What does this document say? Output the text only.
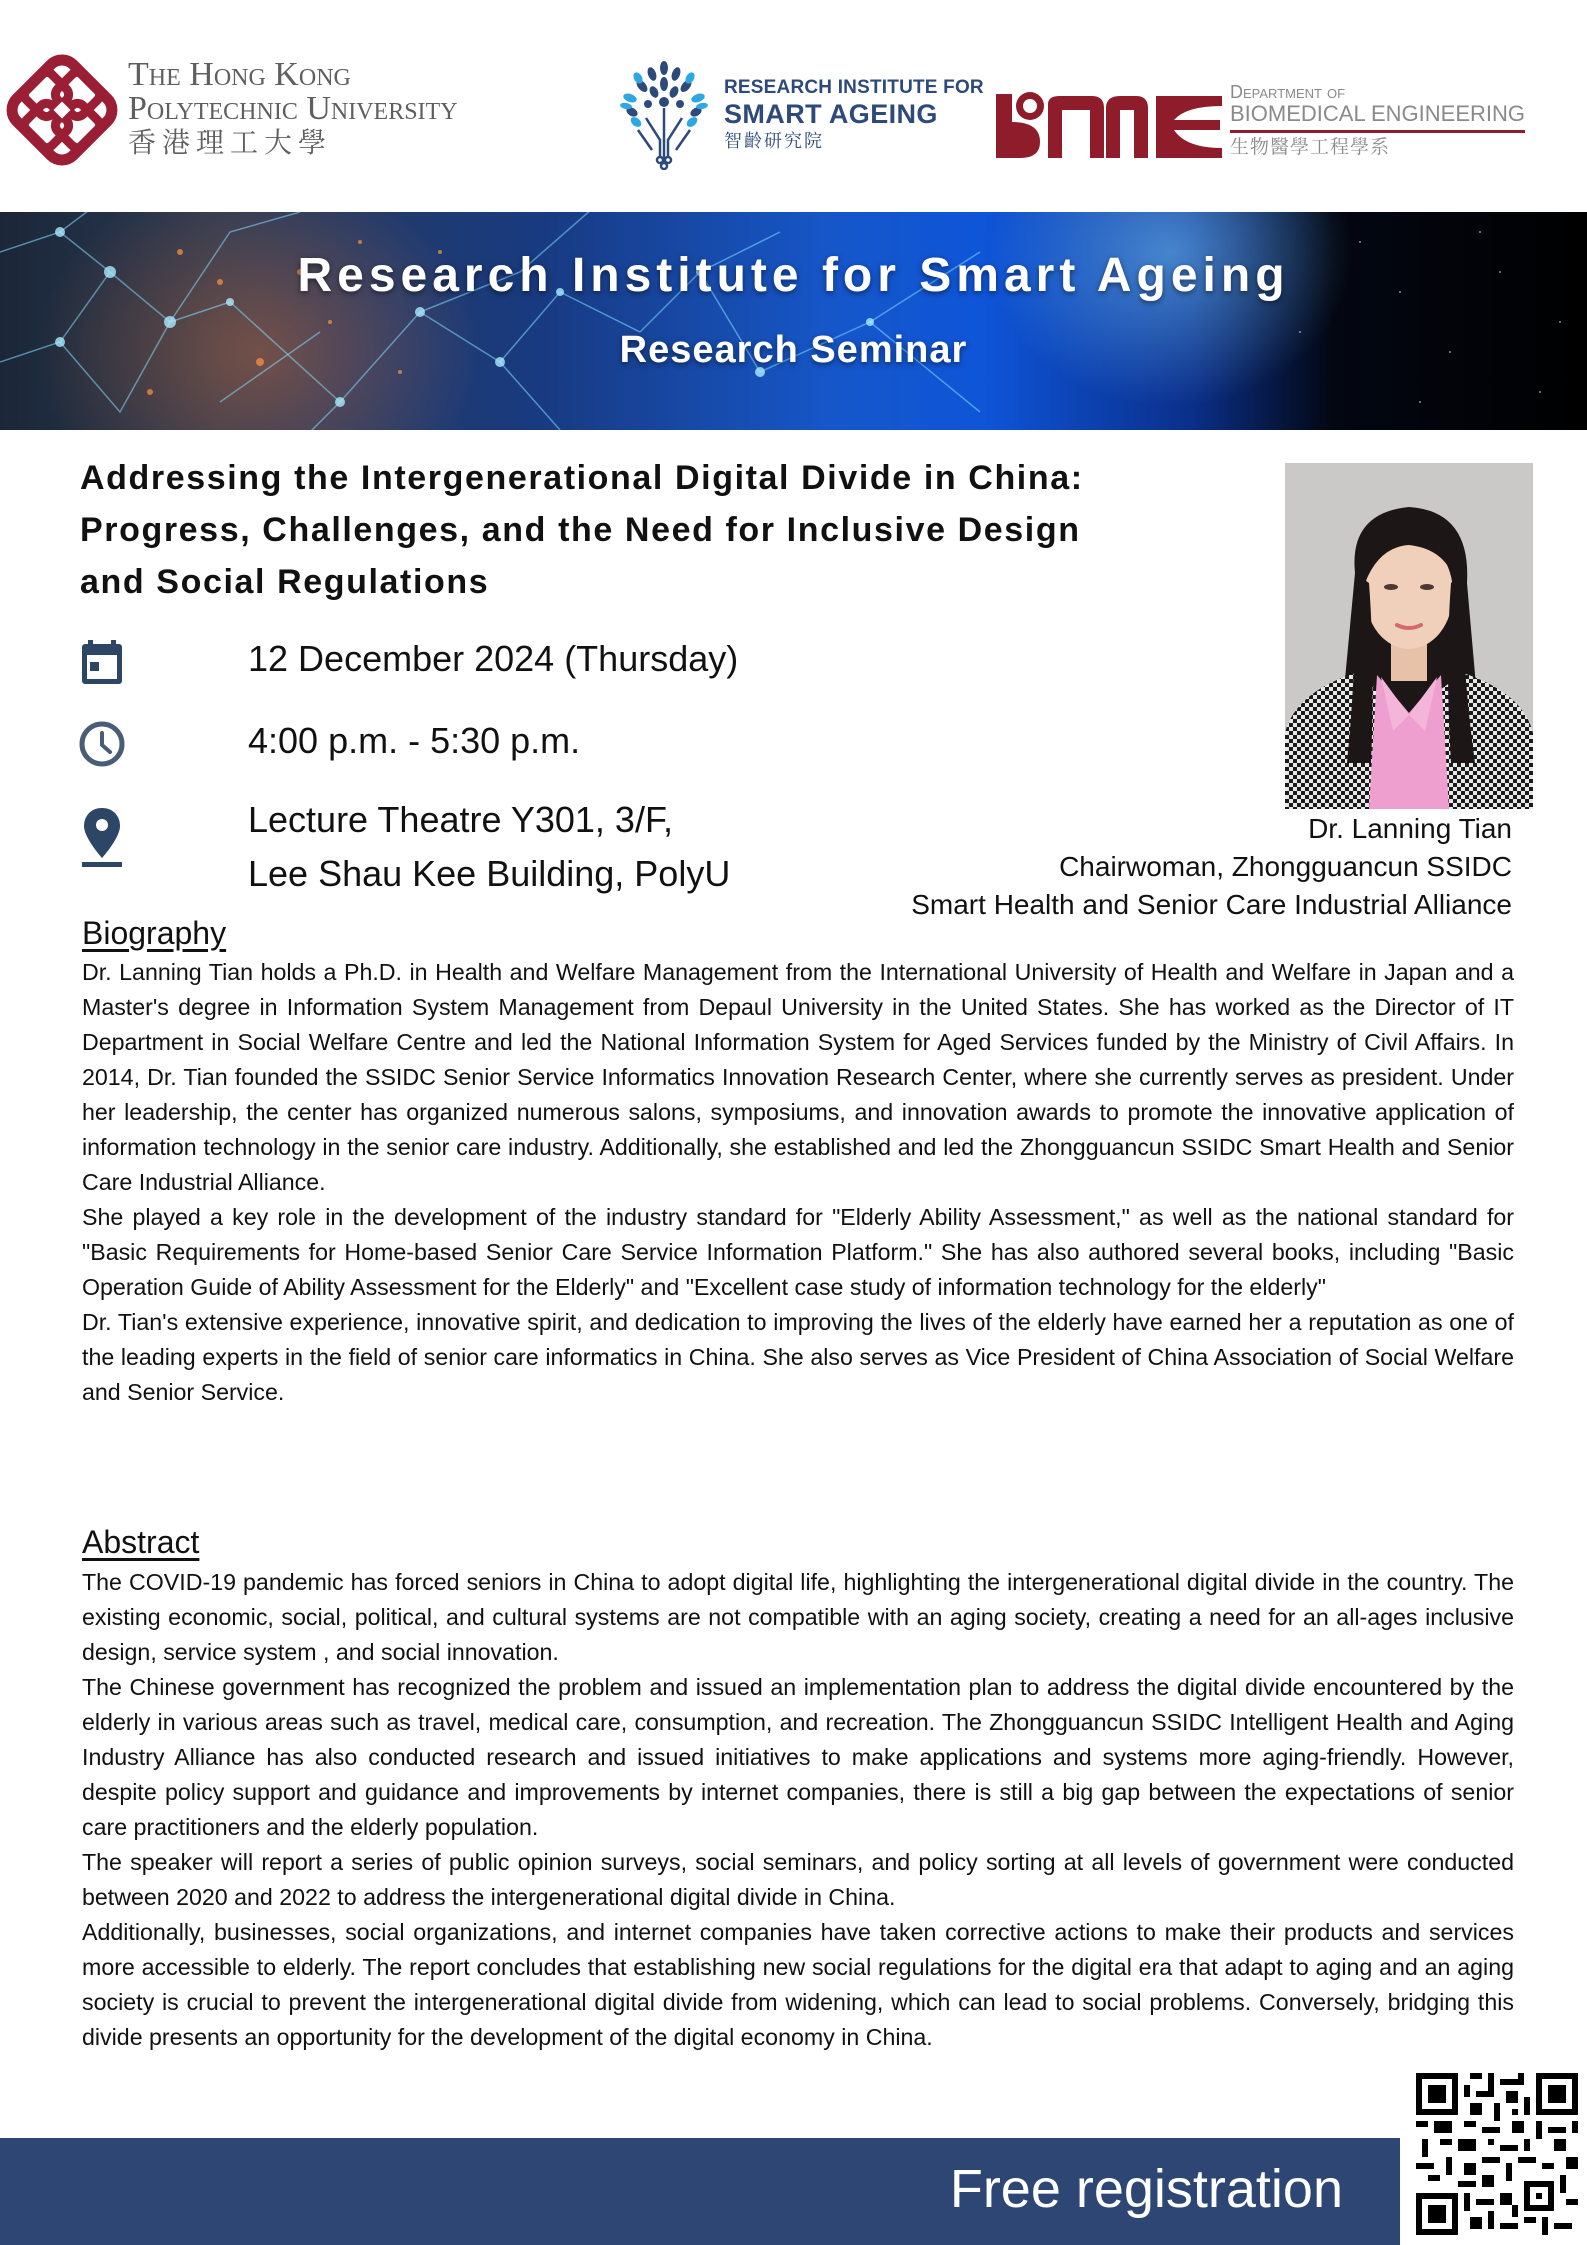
The Hong Kong
Polytechnic University
香港理工大學
RESEARCH INSTITUTE FOR
SMART AGEING
智齡研究院
Department of
BIOMEDICAL ENGINEERING
生物醫學工程學系
Research Institute for Smart Ageing
Research Seminar
Addressing the Intergenerational Digital Divide in China: Progress, Challenges, and the Need for Inclusive Design and Social Regulations
12 December 2024 (Thursday)
4:00 p.m. - 5:30 p.m.
Lecture Theatre Y301, 3/F,
Lee Shau Kee Building, PolyU
Dr. Lanning Tian
Chairwoman, Zhongguancun SSIDC
Smart Health and Senior Care Industrial Alliance
Biography

Dr. Lanning Tian holds a Ph.D. in Health and Welfare Management from the International University of Health and Welfare in Japan and a Master's degree in Information System Management from Depaul University in the United States. She has worked as the Director of IT Department in Social Welfare Centre and led the National Information System for Aged Services funded by the Ministry of Civil Affairs. In 2014, Dr. Tian founded the SSIDC Senior Service Informatics Innovation Research Center, where she currently serves as president. Under her leadership, the center has organized numerous salons, symposiums, and innovation awards to promote the innovative application of information technology in the senior care industry. Additionally, she established and led the Zhongguancun SSIDC Smart Health and Senior Care Industrial Alliance.

She played a key role in the development of the industry standard for "Elderly Ability Assessment," as well as the national standard for "Basic Requirements for Home-based Senior Care Service Information Platform." She has also authored several books, including "Basic Operation Guide of Ability Assessment for the Elderly" and "Excellent case study of information technology for the elderly"

Dr. Tian's extensive experience, innovative spirit, and dedication to improving the lives of the elderly have earned her a reputation as one of the leading experts in the field of senior care informatics in China. She also serves as Vice President of China Association of Social Welfare and Senior Service.

Abstract

The COVID-19 pandemic has forced seniors in China to adopt digital life, highlighting the intergenerational digital divide in the country. The existing economic, social, political, and cultural systems are not compatible with an aging society, creating a need for an all-ages inclusive design, service system , and social innovation.

The Chinese government has recognized the problem and issued an implementation plan to address the digital divide encountered by the elderly in various areas such as travel, medical care, consumption, and recreation. The Zhongguancun SSIDC Intelligent Health and Aging Industry Alliance has also conducted research and issued initiatives to make applications and systems more aging-friendly. However, despite policy support and guidance and improvements by internet companies, there is still a big gap between the expectations of senior care practitioners and the elderly population.

The speaker will report a series of public opinion surveys, social seminars, and policy sorting at all levels of government were conducted between 2020 and 2022 to address the intergenerational digital divide in China.

Additionally, businesses, social organizations, and internet companies have taken corrective actions to make their products and services more accessible to elderly. The report concludes that establishing new social regulations for the digital era that adapt to aging and an aging society is crucial to prevent the intergenerational digital divide from widening, which can lead to social problems. Conversely, bridging this divide presents an opportunity for the development of the digital economy in China.

Free registration
